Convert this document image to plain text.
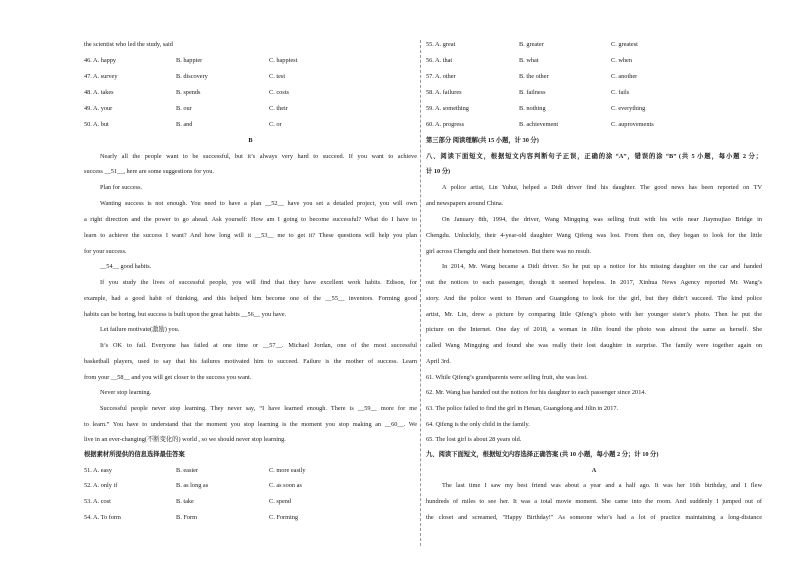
the scientist who led the study, said
46. A. happy	B. happier	C. happiest
47. A. survey	B. discovery	C. test
48. A. takes	B. spends	C. costs
49. A. your	B. our	C. their
50. A. but	B. and	C. or
B
Nearly all the people want to be successful, but it’s always very hard to succeed. If you want to achieve
success __51__, here are some suggestions for you.
Plan for success.
Wanting success is not enough. You need to have a plan __52__ have you set a detailed project, you will own
a right direction and the power to go ahead. Ask yourself: How am I going to become successful? What do I have to
learn to achieve the success I want? And how long will it __53__ me to get it? These questions will help you plan
for your success.
__54__ good habits.
If you study the lives of successful people, you will find that they have excellent work habits. Edison, for
example, had a good habit of thinking, and this helped him become one of the __55__ inventors. Forming good
habits can be boring, but success is built upon the great habits __56__ you have.
Let failure motivate(激励) you.
It’s OK to fail. Everyone has failed at one time or __57__. Michael Jordan, one of the most successful
basketball players, used to say that his failures motivated him to succeed. Failure is the mother of success. Learn
from your __58__ and you will get closer to the success you want.
Never stop learning.
Successful people never stop learning. They never say, “I have learned enough. There is __59__ more for me
to learn.” You have to understand that the moment you stop learning is the moment you stop making an __60__. We
live in an ever-changing(不断变化的) world , so we should never stop learning.
根据素材所提供的信息选择最佳答案
51. A. easy	B. easier	C. more easily
52. A. only if	B. as long as	C. as soon as
53. A. cost	B. take	C. spend
54. A. To form	B. Form	C. Forming
55. A. great	B. greater	C. greatest
56. A. that	B. what	C. when
57. A. other	B. the other	C. another
58. A. failures	B. failness	C. fails
59. A. something	B. nothing	C. everything
60. A. progress	B. achievement	C. auprovements
第三部分 阅读理解(共 15 小题，计 30 分)
八、阅读下面短文，根据短文内容判断句子正误，正确的涂 “A”，错误的涂 “B” (共 5 小题，每小题 2 分；
计 10 分)
A police artist, Lin Yuhui, helped a Didi driver find his daughter. The good news has been reported on TV
and newspapers around China.
On January 8th, 1994, the driver, Wang Mingqing was selling fruit with his wife near Jiaymujiao Bridge in
Chengdu. Unluckily, their 4-year-old daughter Wang Qifeng was lost. From then on, they began to look for the little
girl across Chengdu and their hometown. But there was no result.
In 2014, Mr. Wang became a Didi driver. So he put up a notice for his missing daughter on the car and handed
out the notices to each passenger, though it seemed hopeless. In 2017, Xinhua News Agency reported Mr. Wang’s
story. And the police went to Henan and Guangdong to look for the girl, but they didn’t succeed. The kind police
artist, Mr. Lin, drew a picture by comparing little Qifeng’s photo with her younger sister’s photo. Then he put the
picture on the Internet. One day of 2018, a woman in Jilin found the photo was almost the same as herself. She
called Wang Mingqing and found she was really their lost daughter in surprise. The family were together again on
April 3rd.
61. While Qifeng’s grandparents were selling fruit, she was lost.
62. Mr. Wang has handed out the notices for his daughter to each passenger since 2014.
63. The police failed to find the girl in Henan, Guangdong and Jilin in 2017.
64. Qifeng is the only child in the family.
65. The lost girl is about 28 years old.
九、阅读下面短文，根据短文内容选择正确答案 (共 10 小题，每小题 2 分；计 10 分)
A
The last time I saw my best friend was about a year and a half ago. It was her 16th birthday, and I flew
hundreds of miles to see her. It was a total movie moment. She came into the room. And suddenly I jumped out of
the closet and screamed, "Happy Birthday!" As someone who’s had a lot of practice maintaining a long-distance
